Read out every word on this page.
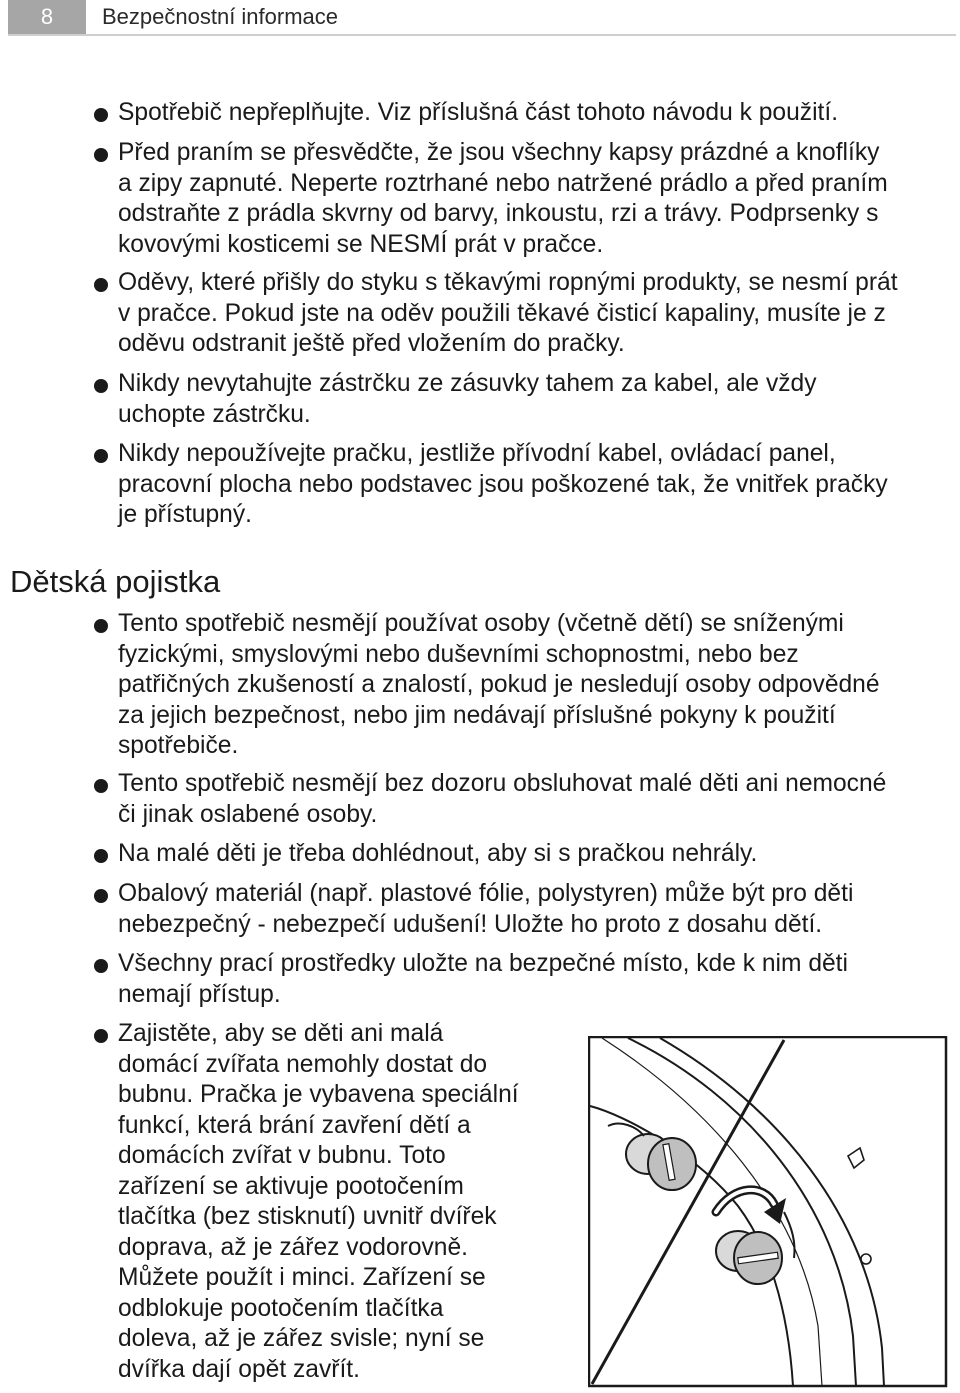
8	Bezpečnostní informace
Spotřebič nepřeplňujte. Viz příslušná část tohoto návodu k použití.
Před praním se přesvědčte, že jsou všechny kapsy prázdné a knoflíky
a zipy zapnuté. Neperte roztrhané nebo natržené prádlo a před praním
odstraňte z prádla skvrny od barvy, inkoustu, rzi a trávy. Podprsenky s
kovovými kosticemi se NESMÍ prát v pračce.
Oděvy, které přišly do styku s těkavými ropnými produkty, se nesmí prát
v pračce. Pokud jste na oděv použili těkavé čisticí kapaliny, musíte je z
oděvu odstranit ještě před vložením do pračky.
Nikdy nevytahujte zástrčku ze zásuvky tahem za kabel, ale vždy
uchopte zástrčku.
Nikdy nepoužívejte pračku, jestliže přívodní kabel, ovládací panel,
pracovní plocha nebo podstavec jsou poškozené tak, že vnitřek pračky
je přístupný.
Dětská pojistka
Tento spotřebič nesmějí používat osoby (včetně dětí) se sníženými
fyzickými, smyslovými nebo duševními schopnostmi, nebo bez
patřičných zkušeností a znalostí, pokud je nesledují osoby odpovědné
za jejich bezpečnost, nebo jim nedávají příslušné pokyny k použití
spotřebiče.
Tento spotřebič nesmějí bez dozoru obsluhovat malé děti ani nemocné
či jinak oslabené osoby.
Na malé děti je třeba dohlédnout, aby si s pračkou nehrály.
Obalový materiál (např. plastové fólie, polystyren) může být pro děti
nebezpečný - nebezpečí udušení! Uložte ho proto z dosahu dětí.
Všechny prací prostředky uložte na bezpečné místo, kde k nim děti
nemají přístup.
Zajistěte, aby se děti ani malá
domácí zvířata nemohly dostat do
bubnu. Pračka je vybavena speciální
funkcí, která brání zavření dětí a
domácích zvířat v bubnu. Toto
zařízení se aktivuje pootočením
tlačítka (bez stisknutí) uvnitř dvířek
doprava, až je zářez vodorovně.
Můžete použít i minci. Zařízení se
odblokuje pootočením tlačítka
doleva, až je zářez svisle; nyní se
dvířka dají opět zavřít.
